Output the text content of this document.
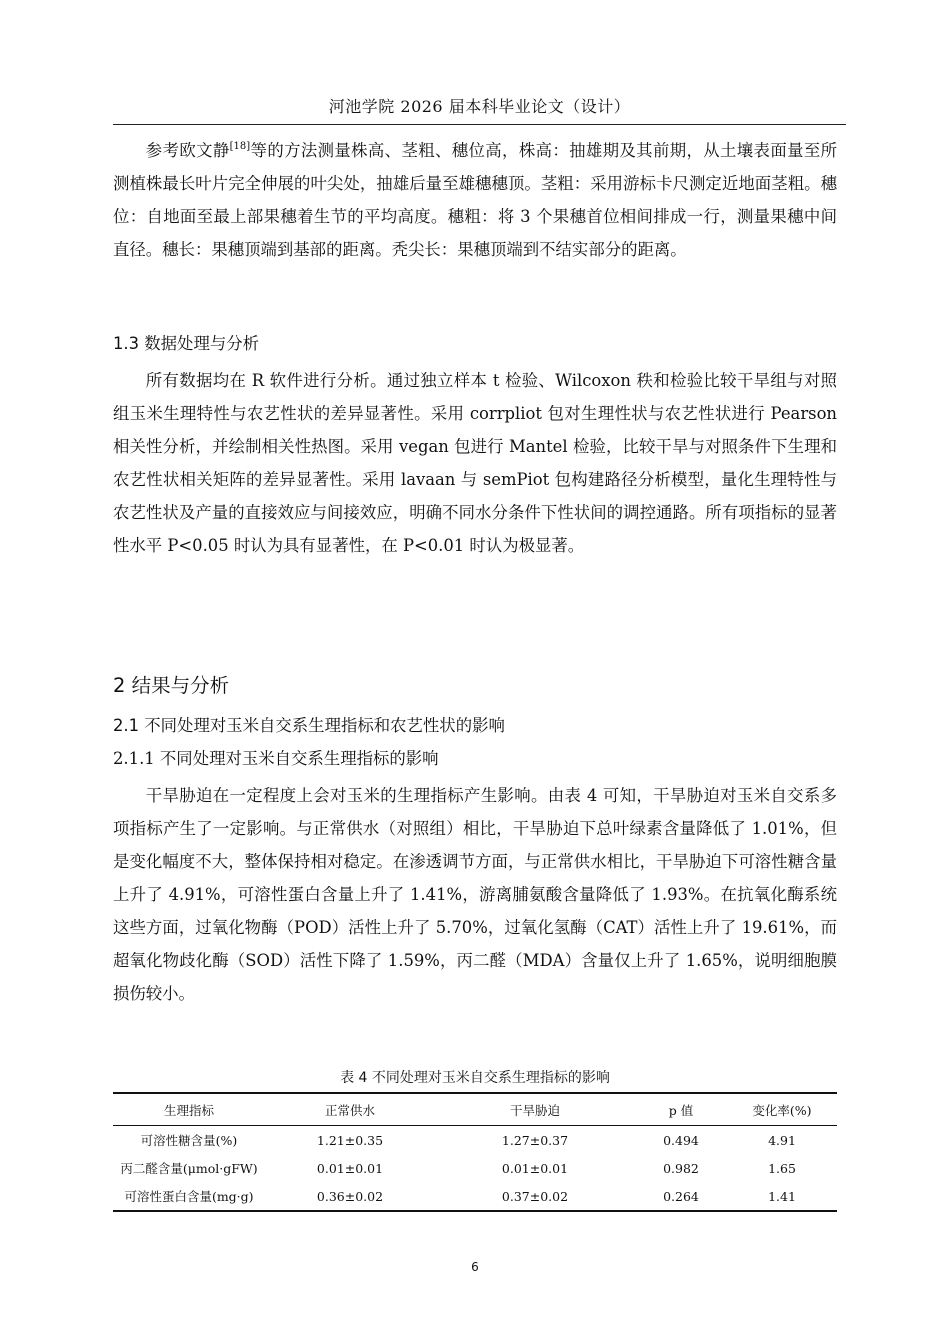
河池学院 2026 届本科毕业论文（设计）

参考欧文静[18]等的方法测量株高、茎粗、穗位高，株高：抽雄期及其前期，从土壤表面量至所测植株最长叶片完全伸展的叶尖处，抽雄后量至雄穗穗顶。茎粗：采用游标卡尺测定近地面茎粗。穗位：自地面至最上部果穗着生节的平均高度。穗粗：将 3 个果穗首位相间排成一行，测量果穗中间直径。穗长：果穗顶端到基部的距离。秃尖长：果穗顶端到不结实部分的距离。

1.3 数据处理与分析

所有数据均在 R 软件进行分析。通过独立样本 t 检验、Wilcoxon 秩和检验比较干旱组与对照组玉米生理特性与农艺性状的差异显著性。采用 corrpliot 包对生理性状与农艺性状进行 Pearson 相关性分析，并绘制相关性热图。采用 vegan 包进行 Mantel 检验，比较干旱与对照条件下生理和农艺性状相关矩阵的差异显著性。采用 lavaan 与 semPiot 包构建路径分析模型，量化生理特性与农艺性状及产量的直接效应与间接效应，明确不同水分条件下性状间的调控通路。所有项指标的显著性水平 P<0.05 时认为具有显著性，在 P<0.01 时认为极显著。

2 结果与分析
2.1 不同处理对玉米自交系生理指标和农艺性状的影响
2.1.1 不同处理对玉米自交系生理指标的影响

干旱胁迫在一定程度上会对玉米的生理指标产生影响。由表 4 可知，干旱胁迫对玉米自交系多项指标产生了一定影响。与正常供水（对照组）相比，干旱胁迫下总叶绿素含量降低了 1.01%，但是变化幅度不大，整体保持相对稳定。在渗透调节方面，与正常供水相比，干旱胁迫下可溶性糖含量上升了 4.91%，可溶性蛋白含量上升了 1.41%，游离脯氨酸含量降低了 1.93%。在抗氧化酶系统这些方面，过氧化物酶（POD）活性上升了 5.70%，过氧化氢酶（CAT）活性上升了 19.61%，而超氧化物歧化酶（SOD）活性下降了 1.59%，丙二醛（MDA）含量仅上升了 1.65%，说明细胞膜损伤较小。

表 4 不同处理对玉米自交系生理指标的影响
生理指标	正常供水	干旱胁迫	p 值	变化率(%)
可溶性糖含量(%)	1.21±0.35	1.27±0.37	0.494	4.91
丙二醛含量(μmol·gFW)	0.01±0.01	0.01±0.01	0.982	1.65
可溶性蛋白含量(mg·g)	0.36±0.02	0.37±0.02	0.264	1.41
6
